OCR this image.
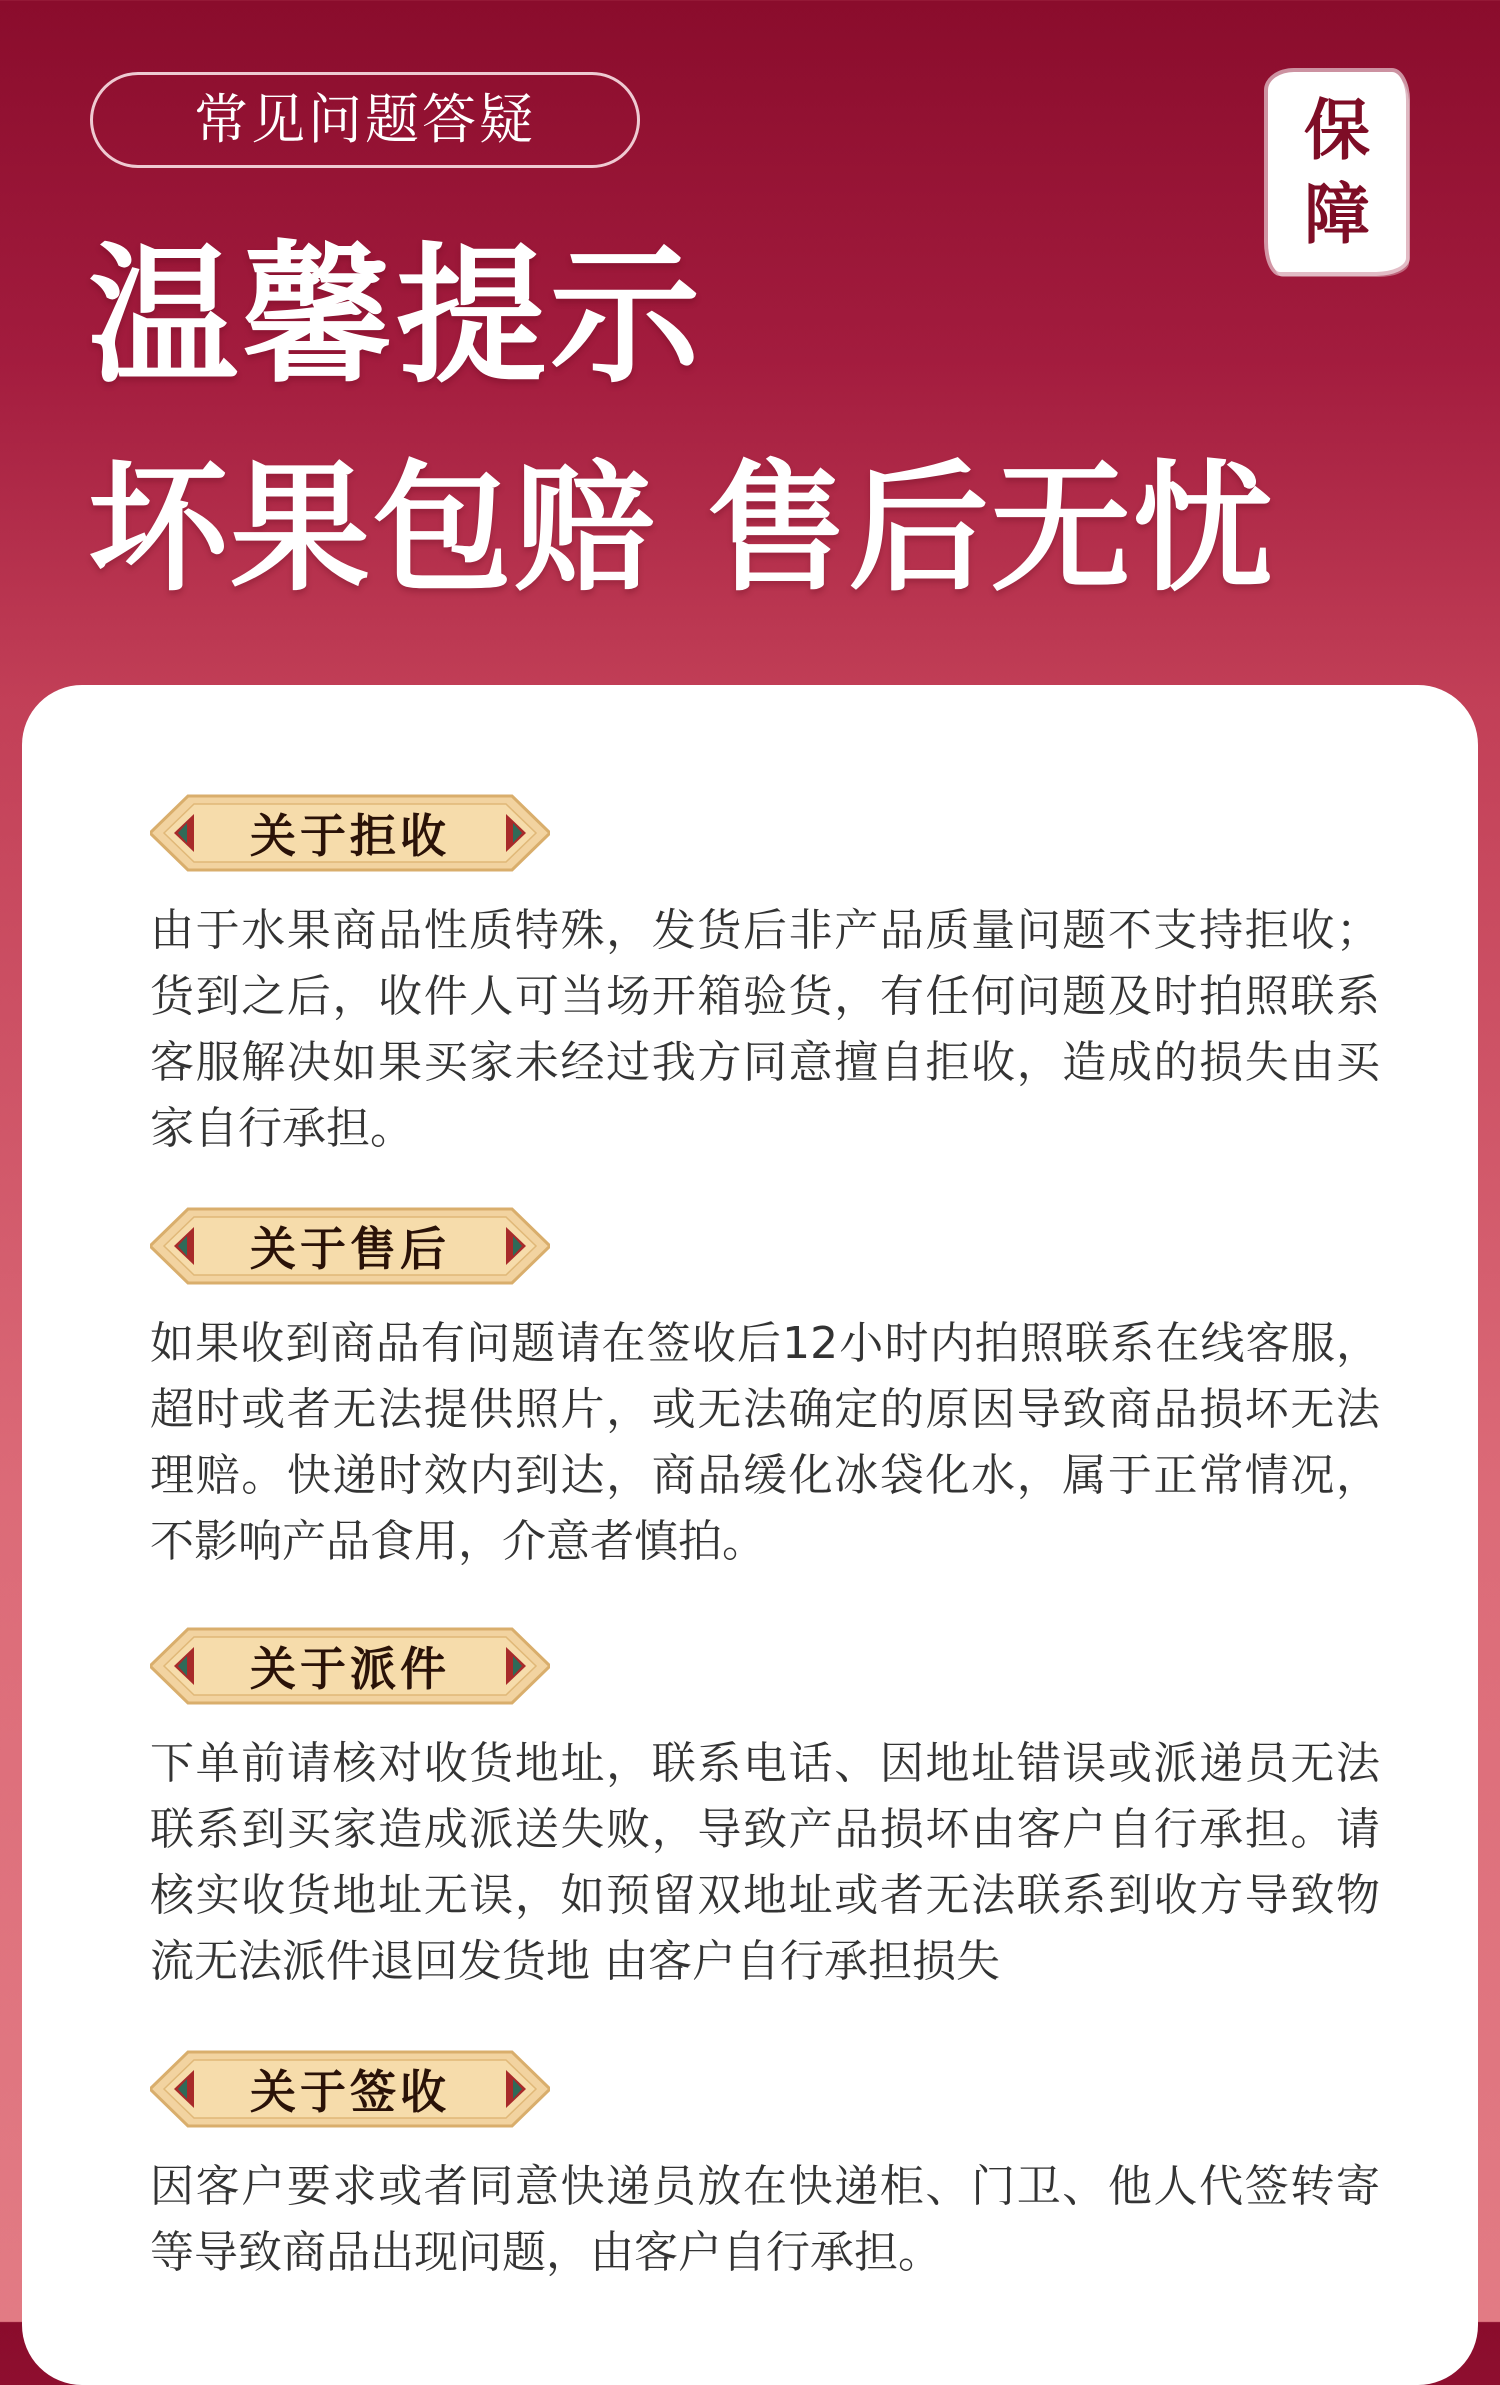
常见问题答疑	保
障
温馨提示
坏果包赔 售后无忧
关于拒收
由于水果商品性质特殊，发货后非产品质量问题不支持拒收；货到之后，收件人可当场开箱验货，有任何问题及时拍照联系客服解决如果买家未经过我方同意擅自拒收，造成的损失由买家自行承担。
关于售后
如果收到商品有问题请在签收后12小时内拍照联系在线客服，超时或者无法提供照片，或无法确定的原因导致商品损坏无法理赔。快递时效内到达，商品缓化冰袋化水，属于正常情况，不影响产品食用，介意者慎拍。
关于派件
下单前请核对收货地址，联系电话、因地址错误或派递员无法联系到买家造成派送失败，导致产品损坏由客户自行承担。请核实收货地址无误，如预留双地址或者无法联系到收方导致物流无法派件退回发货地 由客户自行承担损失
关于签收
因客户要求或者同意快递员放在快递柜、门卫、他人代签转寄等导致商品出现问题，由客户自行承担。
